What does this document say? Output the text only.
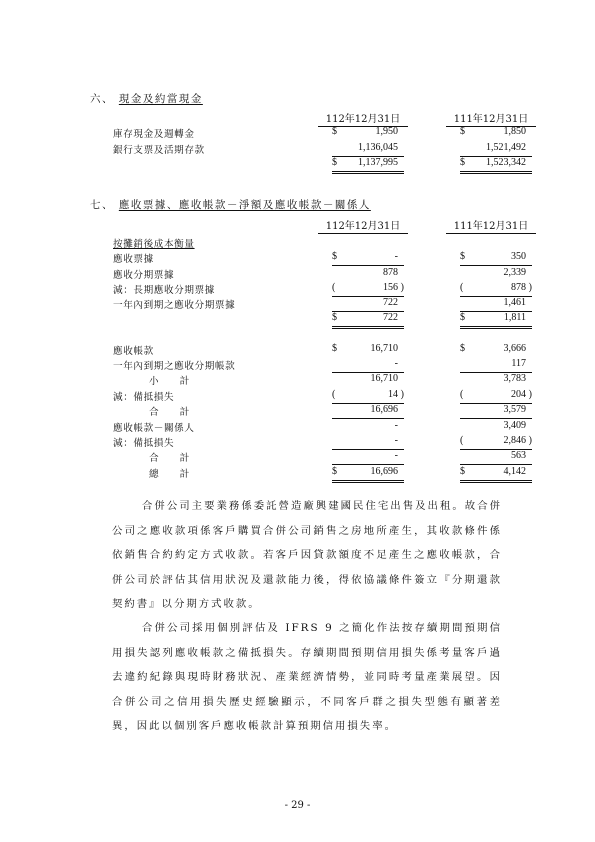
六、 現金及約當現金
112年12月31日	111年12月31日
庫存現金及週轉金	$	1,950	$	1,850
銀行支票及活期存款	1,136,045	1,521,492
$ 1,137,995	$ 1,523,342
七、 應收票據、應收帳款－淨額及應收帳款－關係人
112年12月31日	111年12月31日
按攤銷後成本衡量
應收票據	$	-	$	350
應收分期票據	878	2,339
減：長期應收分期票據	(	156 )	(	878 )
一年內到期之應收分期票據	722	1,461
$	722	$	1,811
應收帳款	$	16,710	$	3,666
一年內到期之應收分期帳款	-	117
小　　計	16,710	3,783
減：備抵損失	(	14 )	(	204 )
合　　計	16,696	3,579
應收帳款－關係人	-	3,409
減：備抵損失	-	(	2,846 )
合　　計	-	563
總　　計	$	16,696	$	4,142
合併公司主要業務係委託營造廠興建國民住宅出售及出租。故合併公司之應收款項係客戶購買合併公司銷售之房地所產生，其收款條件係依銷售合約約定方式收款。若客戶因貸款額度不足產生之應收帳款，合併公司於評估其信用狀況及還款能力後，得依協議條件簽立『分期還款契約書』以分期方式收款。
合併公司採用個別評估及 IFRS 9 之簡化作法按存續期間預期信用損失認列應收帳款之備抵損失。存續期間預期信用損失係考量客戶過去違約紀錄與現時財務狀況、產業經濟情勢，並同時考量產業展望。因合併公司之信用損失歷史經驗顯示，不同客戶群之損失型態有顯著差異，因此以個別客戶應收帳款計算預期信用損失率。
- 29 -
